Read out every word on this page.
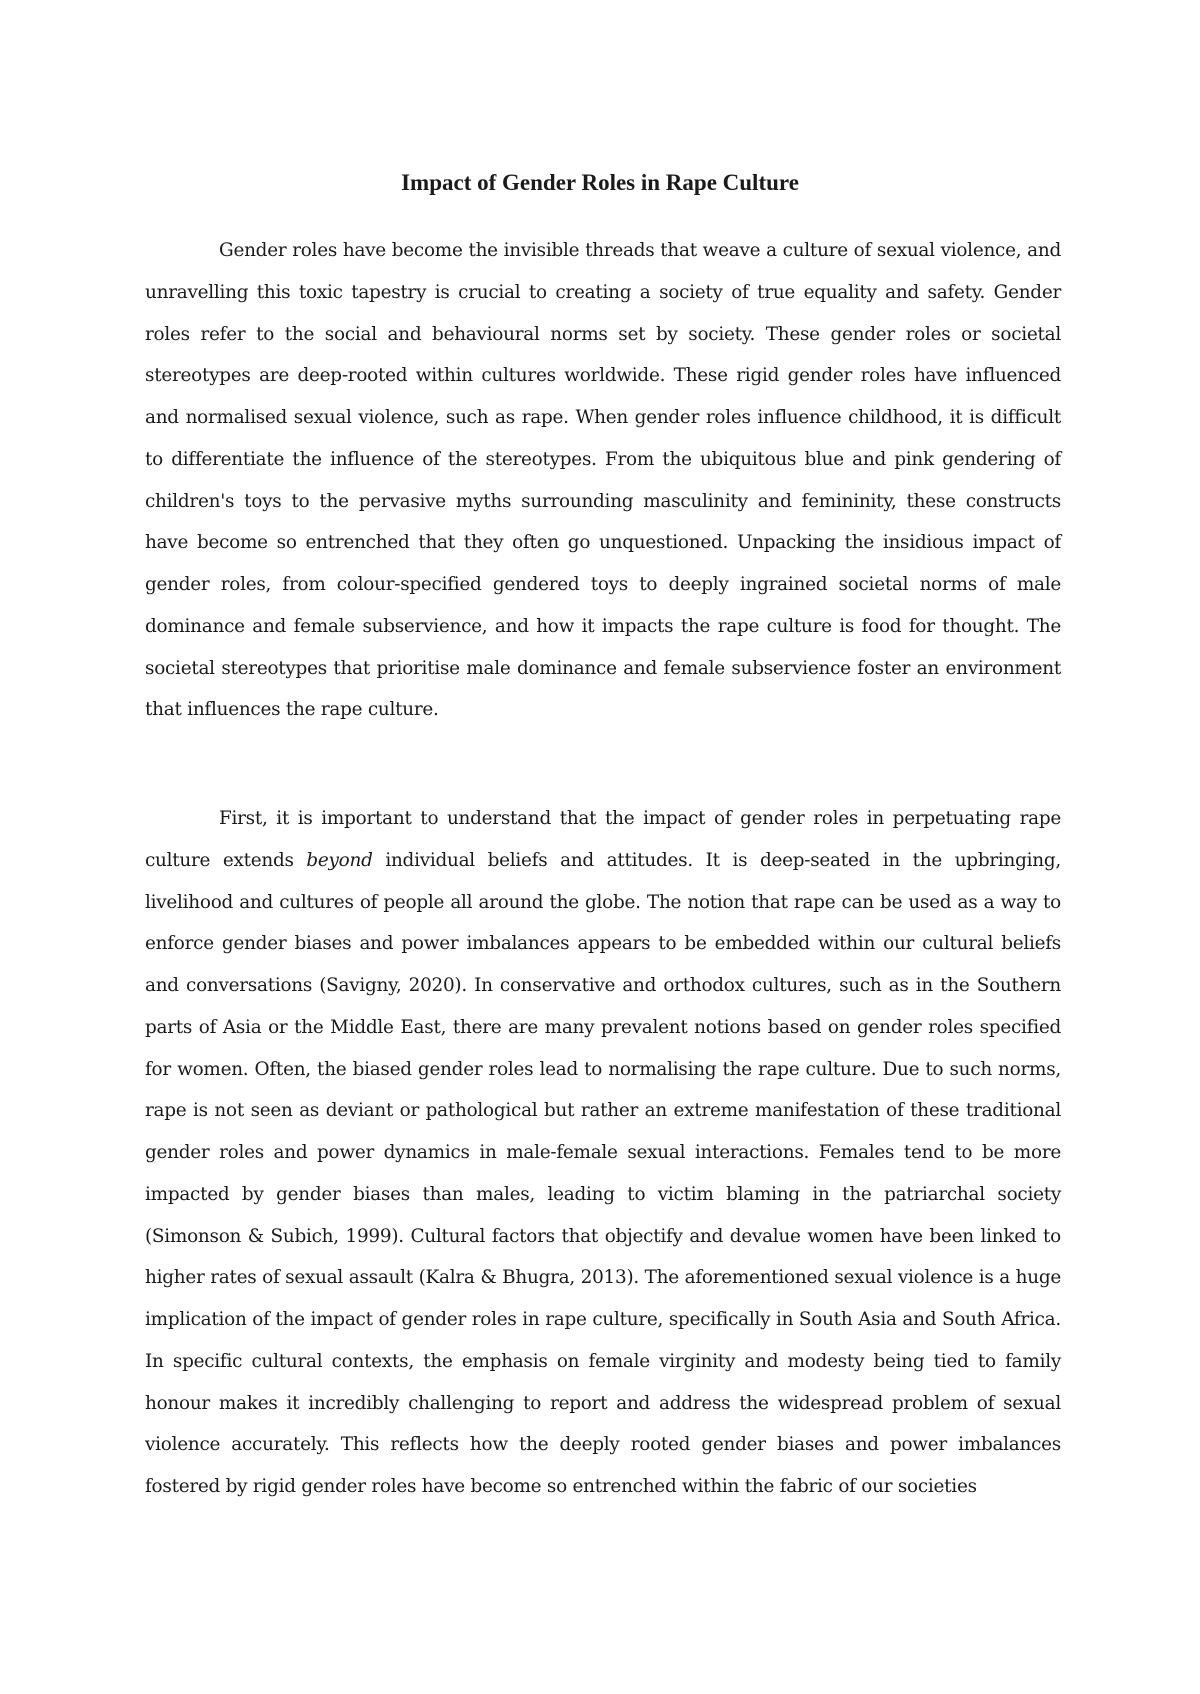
Impact of Gender Roles in Rape Culture

Gender roles have become the invisible threads that weave a culture of sexual violence, and unravelling this toxic tapestry is crucial to creating a society of true equality and safety. Gender roles refer to the social and behavioural norms set by society. These gender roles or societal stereotypes are deep-rooted within cultures worldwide. These rigid gender roles have influenced and normalised sexual violence, such as rape. When gender roles influence childhood, it is difficult to differentiate the influence of the stereotypes. From the ubiquitous blue and pink gendering of children's toys to the pervasive myths surrounding masculinity and femininity, these constructs have become so entrenched that they often go unquestioned. Unpacking the insidious impact of gender roles, from colour-specified gendered toys to deeply ingrained societal norms of male dominance and female subservience, and how it impacts the rape culture is food for thought. The societal stereotypes that prioritise male dominance and female subservience foster an environment that influences the rape culture.

First, it is important to understand that the impact of gender roles in perpetuating rape culture extends beyond individual beliefs and attitudes. It is deep-seated in the upbringing, livelihood and cultures of people all around the globe. The notion that rape can be used as a way to enforce gender biases and power imbalances appears to be embedded within our cultural beliefs and conversations (Savigny, 2020). In conservative and orthodox cultures, such as in the Southern parts of Asia or the Middle East, there are many prevalent notions based on gender roles specified for women. Often, the biased gender roles lead to normalising the rape culture. Due to such norms, rape is not seen as deviant or pathological but rather an extreme manifestation of these traditional gender roles and power dynamics in male-female sexual interactions. Females tend to be more impacted by gender biases than males, leading to victim blaming in the patriarchal society (Simonson & Subich, 1999). Cultural factors that objectify and devalue women have been linked to higher rates of sexual assault (Kalra & Bhugra, 2013). The aforementioned sexual violence is a huge implication of the impact of gender roles in rape culture, specifically in South Asia and South Africa. In specific cultural contexts, the emphasis on female virginity and modesty being tied to family honour makes it incredibly challenging to report and address the widespread problem of sexual violence accurately. This reflects how the deeply rooted gender biases and power imbalances fostered by rigid gender roles have become so entrenched within the fabric of our societies
